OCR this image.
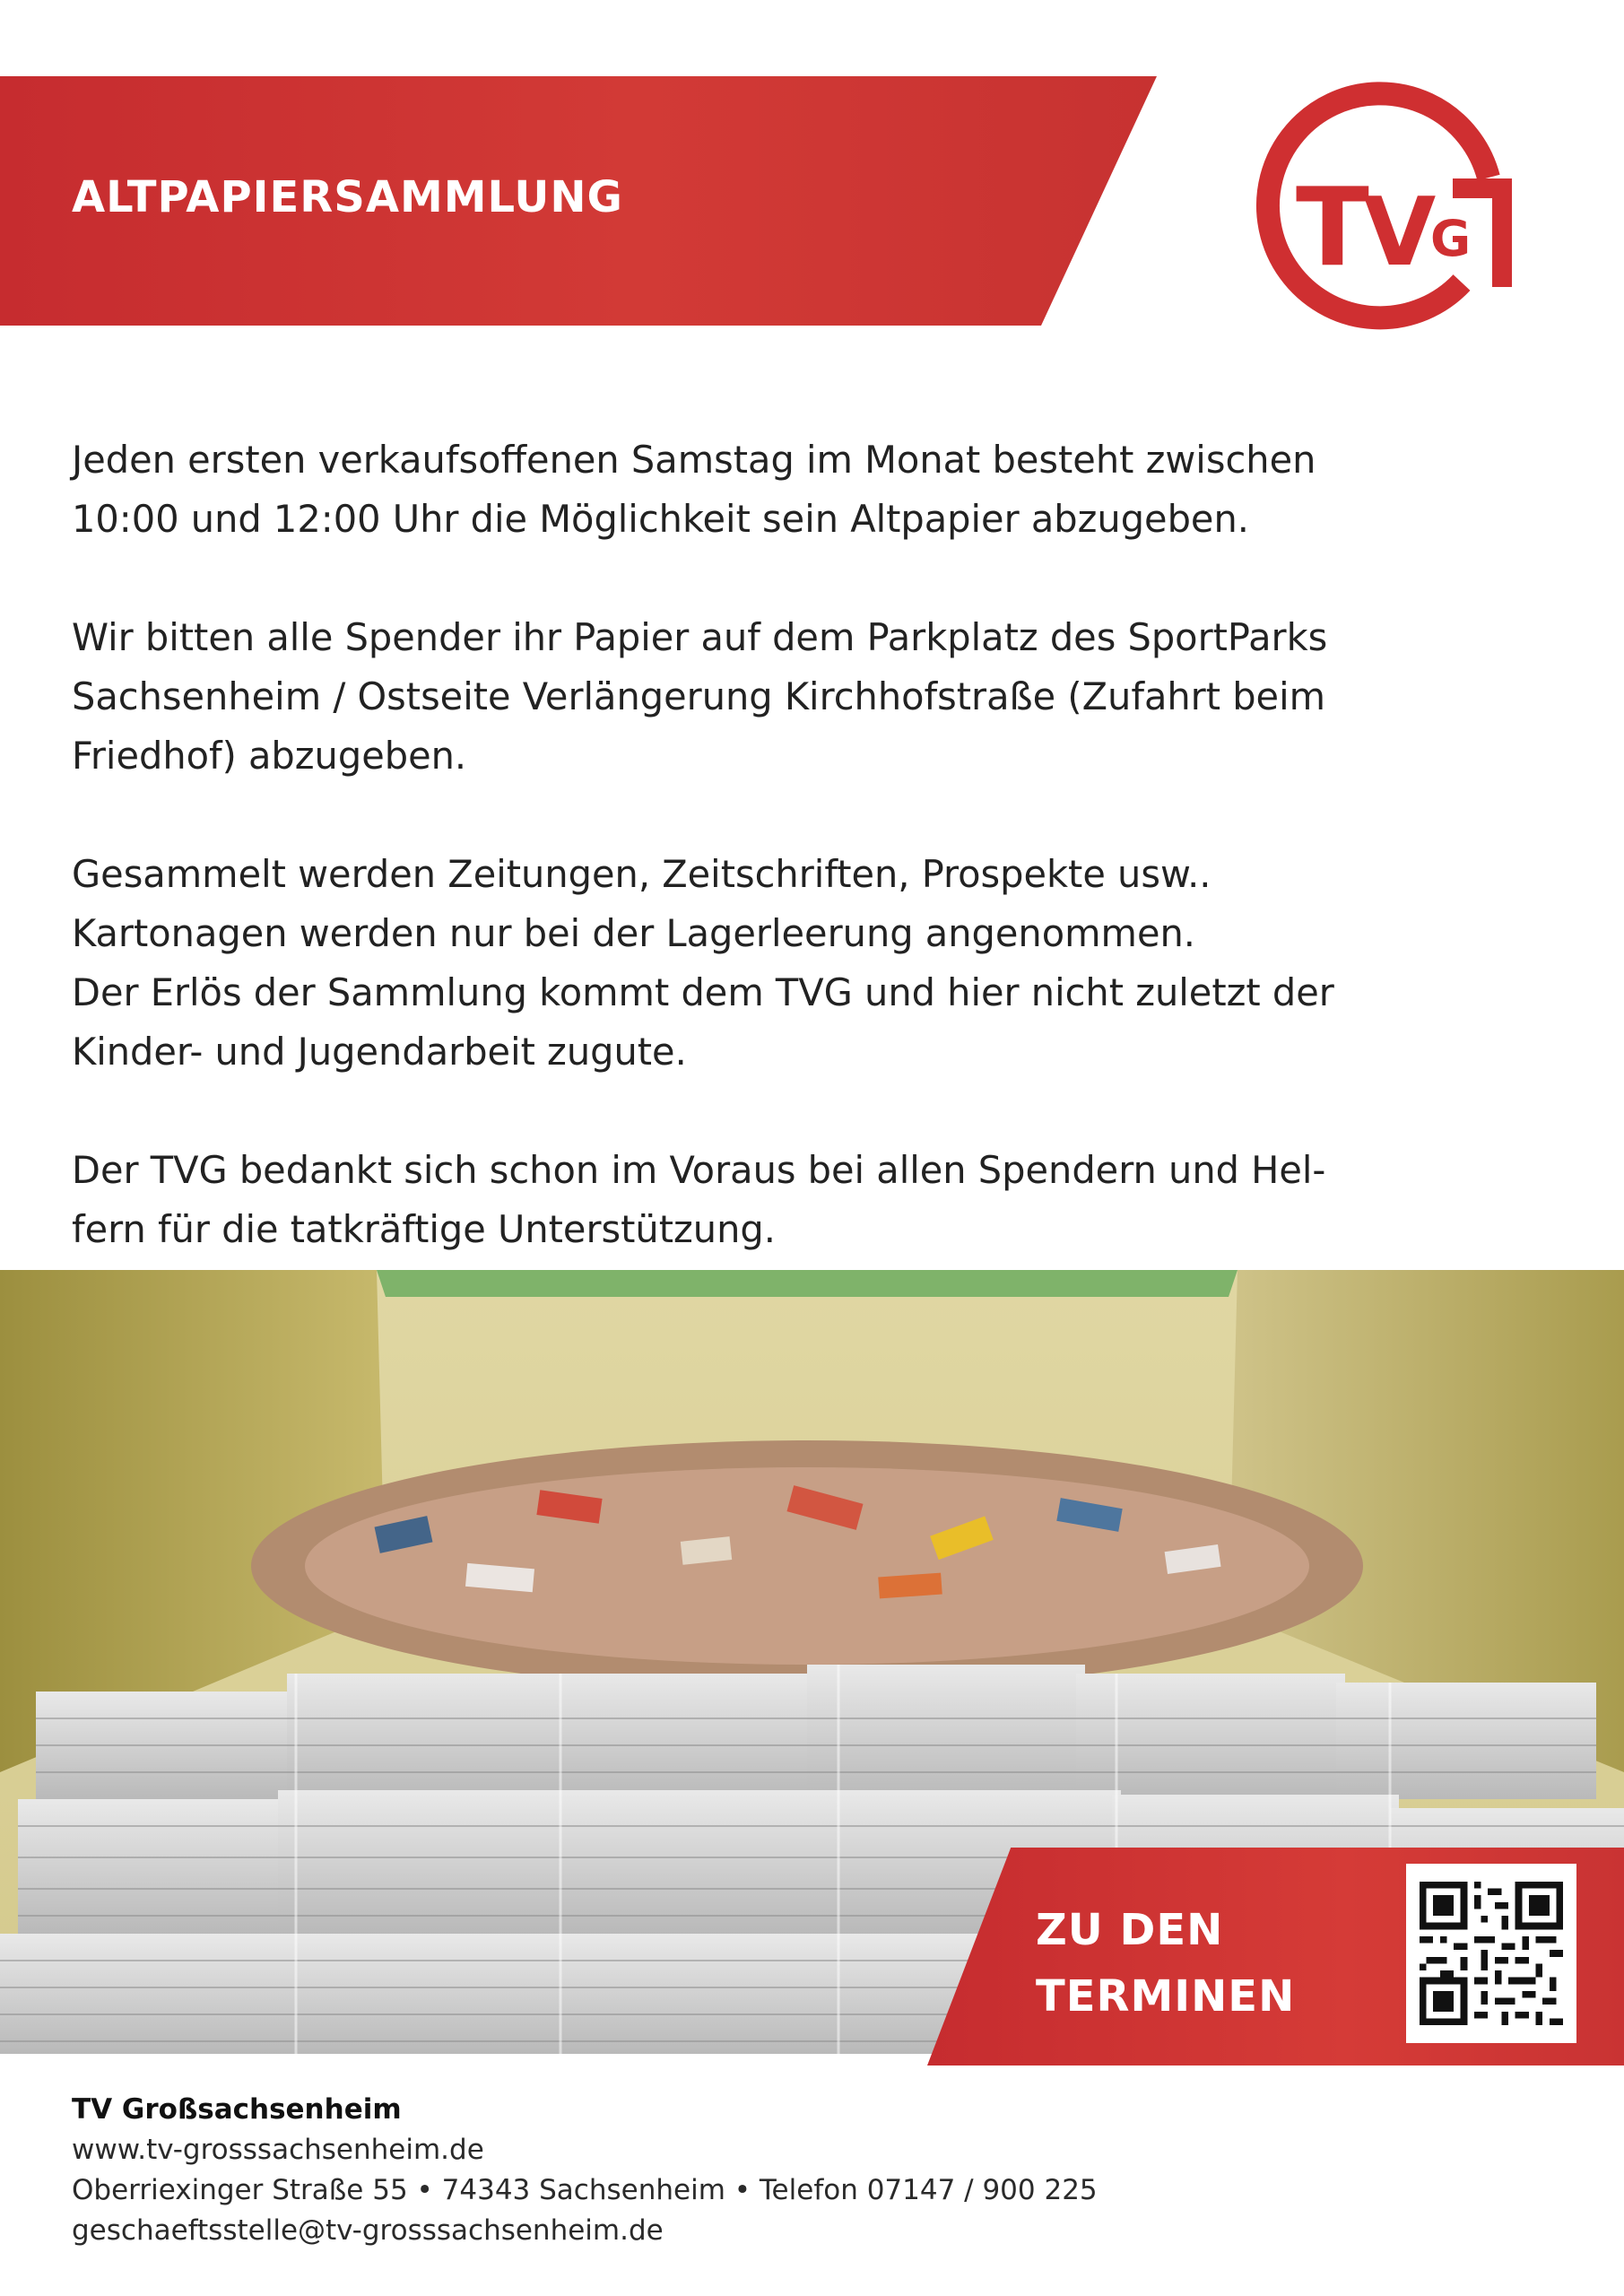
ALTPAPIERSAMMLUNG	T
V
G

Jeden ersten verkaufsoffenen Samstag im Monat besteht zwischen
10:00 und 12:00 Uhr die Möglichkeit sein Altpapier abzugeben.

Wir bitten alle Spender ihr Papier auf dem Parkplatz des SportParks
Sachsenheim / Ostseite Verlängerung Kirchhofstraße (Zufahrt beim
Friedhof) abzugeben.

Gesammelt werden Zeitungen, Zeitschriften, Prospekte usw..
Kartonagen werden nur bei der Lagerleerung angenommen.
Der Erlös der Sammlung kommt dem TVG und hier nicht zuletzt der
Kinder- und Jugendarbeit zugute.

Der TVG bedankt sich schon im Voraus bei allen Spendern und Hel-
fern für die tatkräftige Unterstützung.

ZU DEN
TERMINEN
TV Großsachsenheim
www.tv-grosssachsenheim.de
Oberriexinger Straße 55 • 74343 Sachsenheim • Telefon 07147 / 900 225
geschaeftsstelle@tv-grosssachsenheim.de
